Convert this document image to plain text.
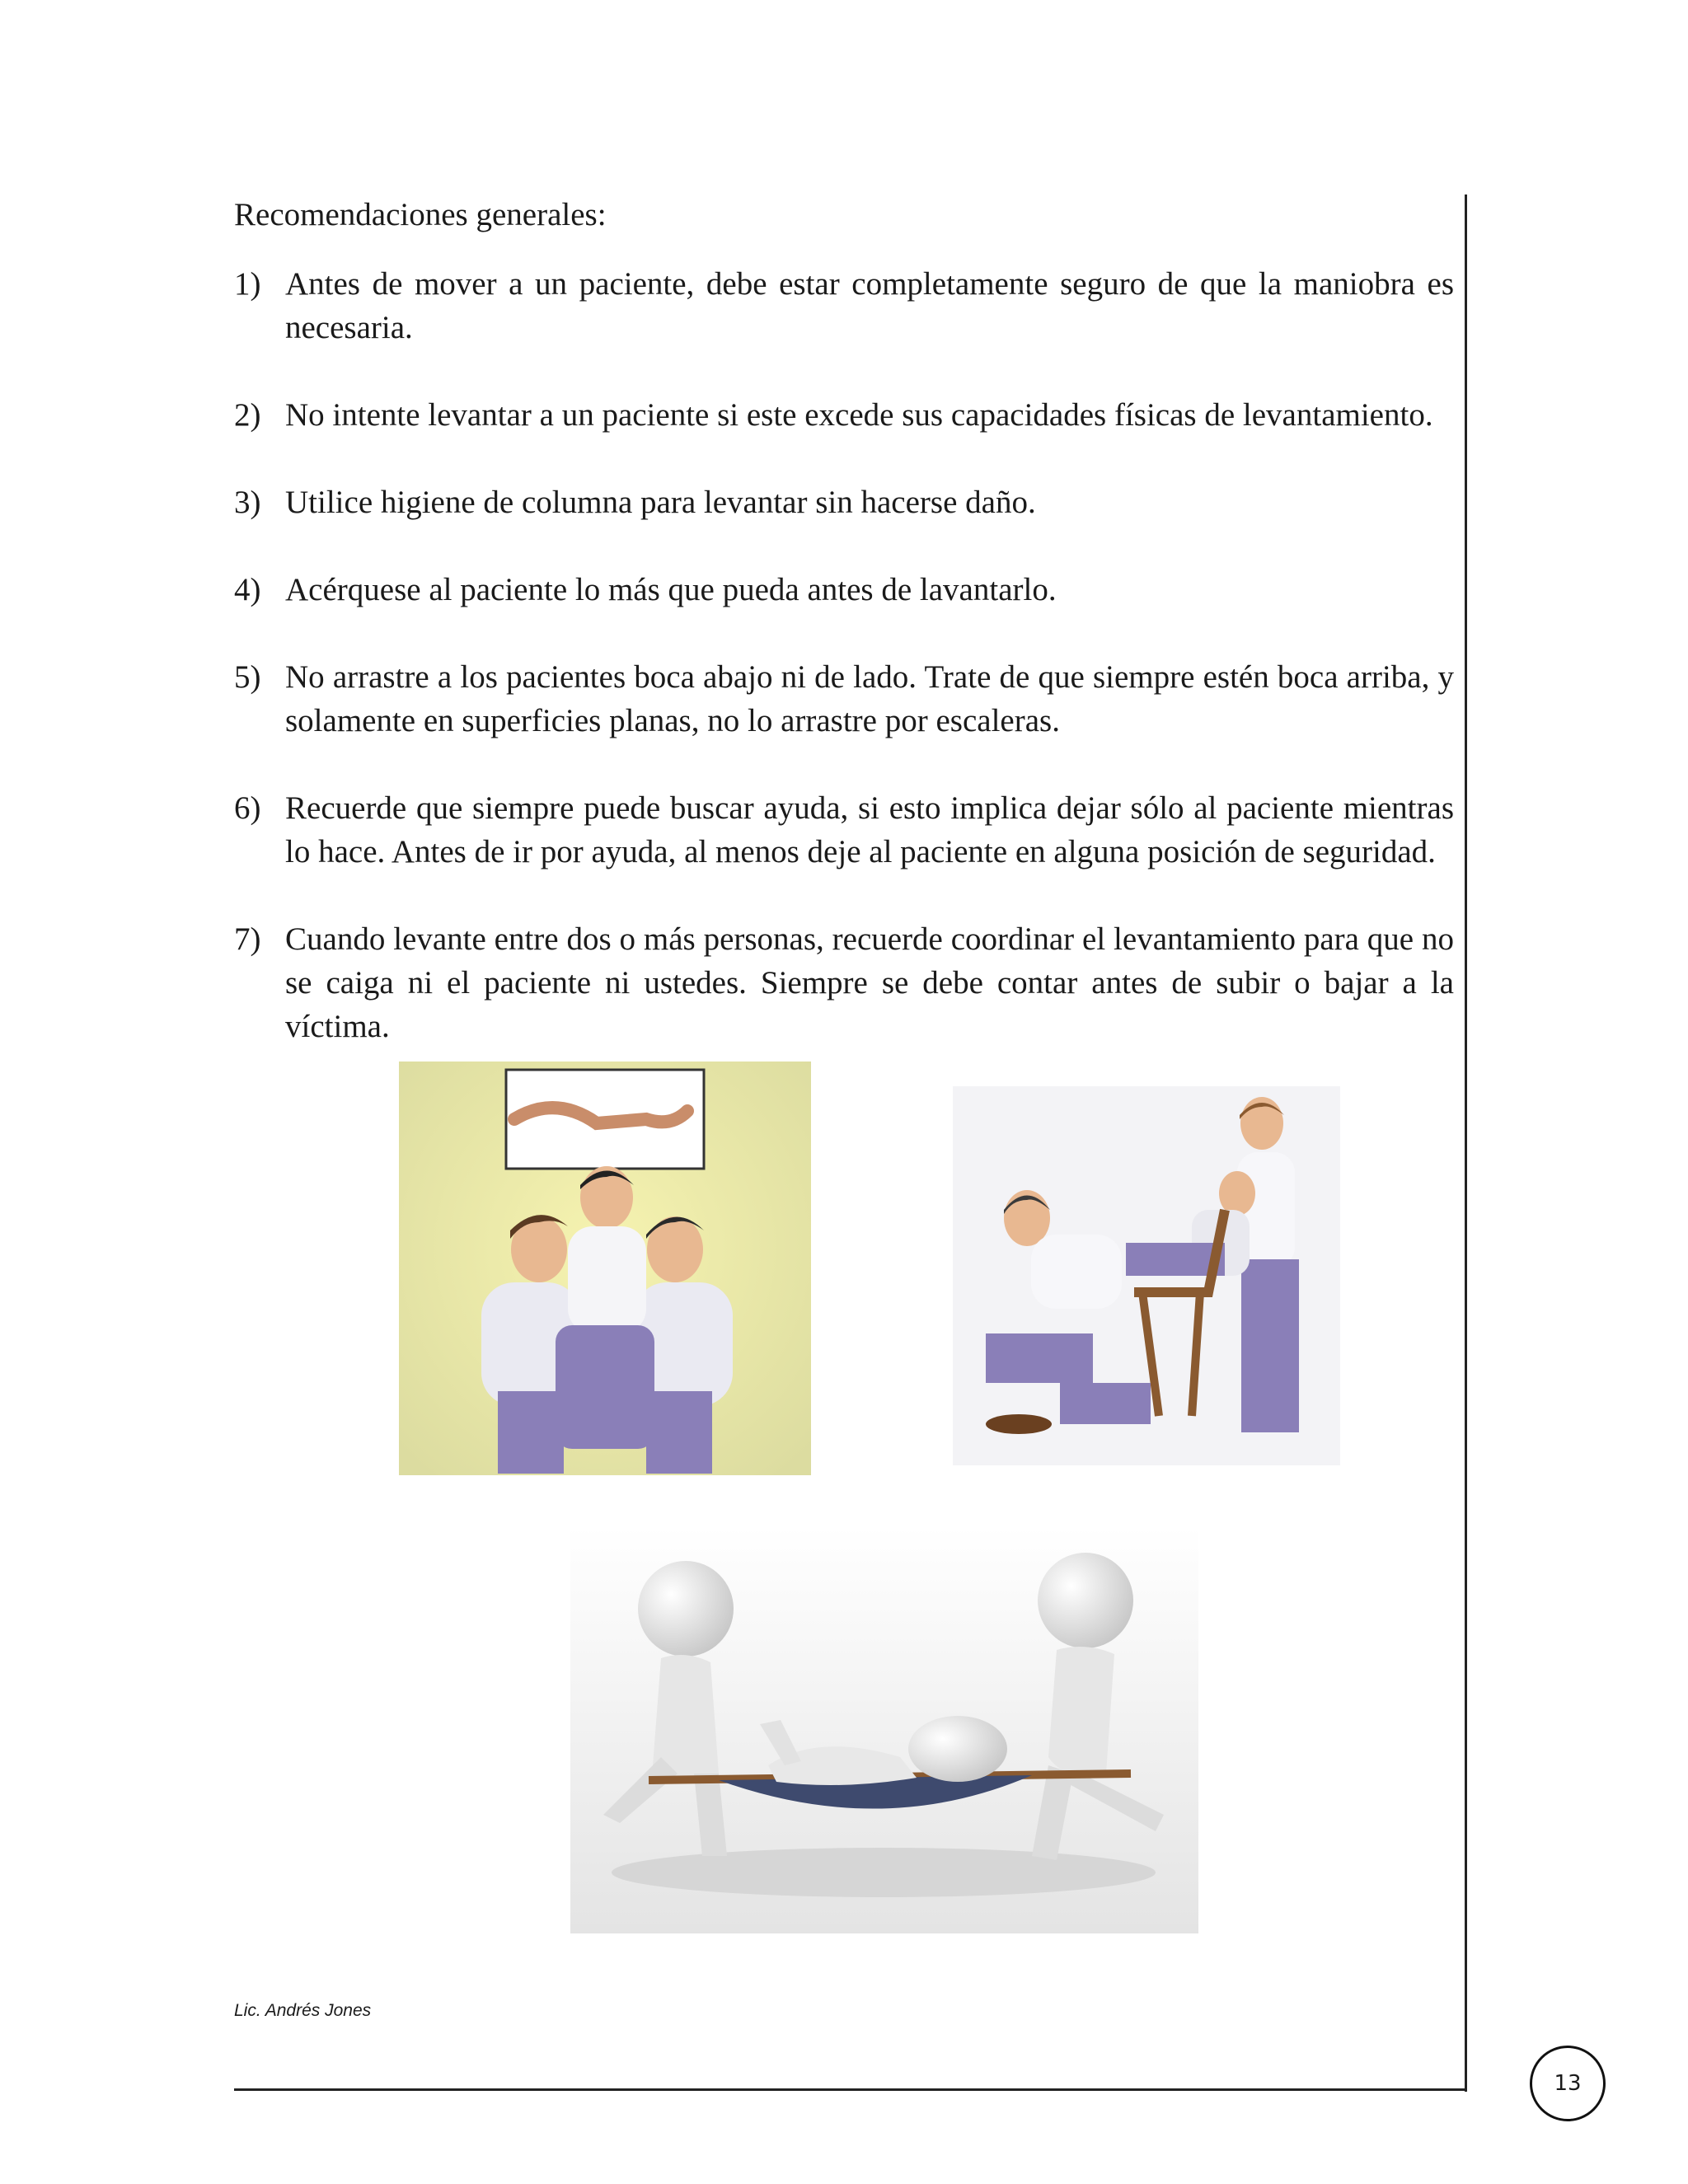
Recomendaciones generales:
1) Antes de mover a un paciente, debe estar completamente seguro de que la maniobra es necesaria.
2) No intente levantar a un paciente si este excede sus capacidades físicas de levantamiento.
3) Utilice higiene de columna para levantar sin hacerse daño.
4) Acérquese al paciente lo más que pueda antes de lavantarlo.
5) No arrastre a los pacientes boca abajo ni de lado. Trate de que siempre estén boca arriba, y solamente en superficies planas, no lo arrastre por escaleras.
6) Recuerde que siempre puede buscar ayuda, si esto implica dejar sólo al paciente mientras lo hace. Antes de ir por ayuda, al menos deje al paciente en alguna posición de seguridad.
7) Cuando levante entre dos o más personas, recuerde coordinar el levantamiento para que no se caiga ni el paciente ni ustedes. Siempre se debe contar antes de subir o bajar a la víctima.
Lic. Andrés Jones
13
